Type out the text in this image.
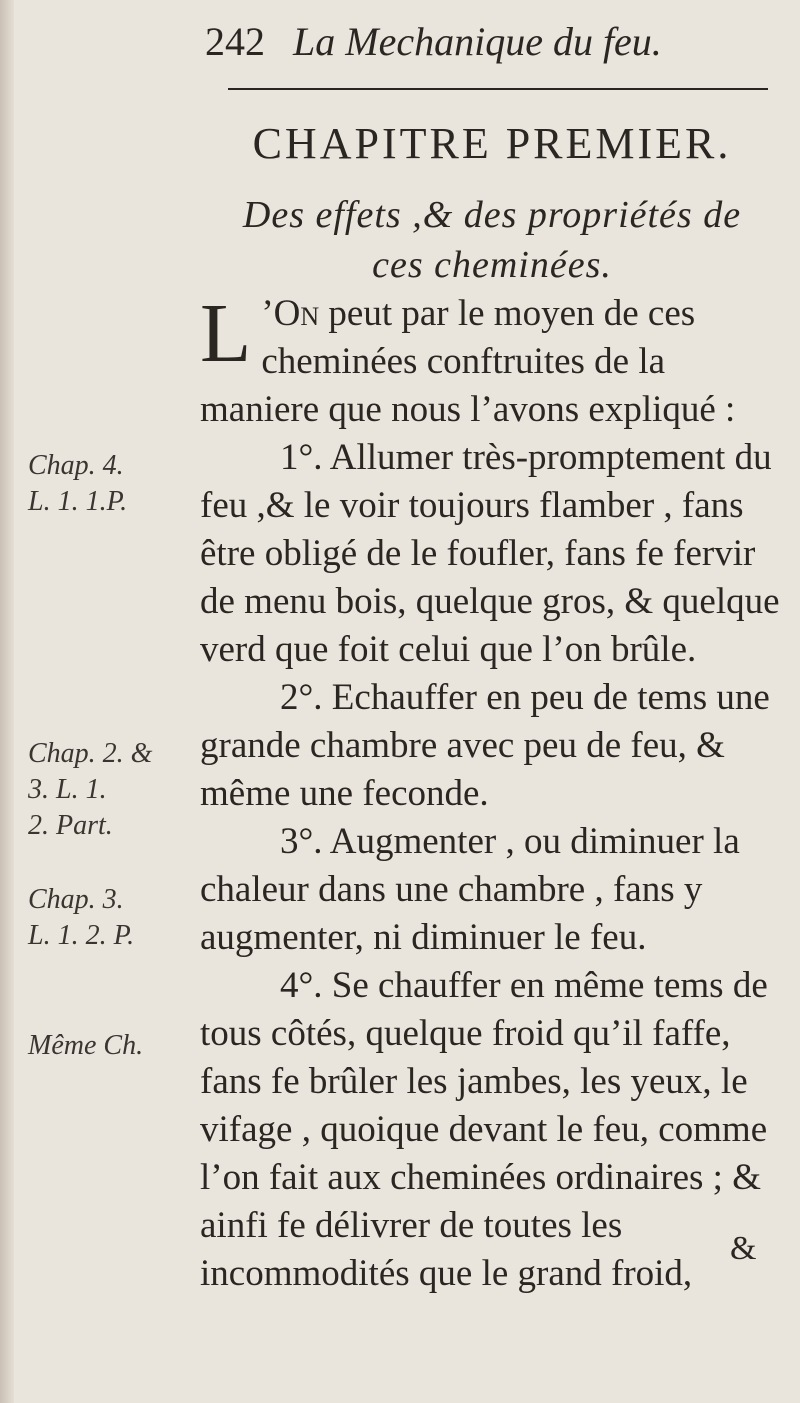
242 La Mechanique du feu.
CHAPITRE PREMIER.
Des effets ,& des propriétés de
ces cheminées.

L ’On peut par le moyen de ces cheminées conftruites de la maniere que nous l’avons expliqué :

1°. Allumer très-promptement du feu ,& le voir toujours flamber , fans être obligé de le foufler, fans fe fervir de menu bois, quelque gros, & quelque verd que foit celui que l’on brûle.

2°. Echauffer en peu de tems une grande chambre avec peu de feu, & même une feconde.

3°. Augmenter , ou diminuer la chaleur dans une chambre , fans y augmenter, ni diminuer le feu.

4°. Se chauffer en même tems de tous côtés, quelque froid qu’il faffe, fans fe brûler les jambes, les yeux, le vifage , quoique devant le feu, comme l’on fait aux cheminées ordinaires ; & ainfi fe délivrer de toutes les incommodités que le grand froid,

Chap. 4.
L. 1. 1.P.
Chap. 2. &
3. L. 1.
2. Part.
Chap. 3.
L. 1. 2. P.
Même Ch.
&
